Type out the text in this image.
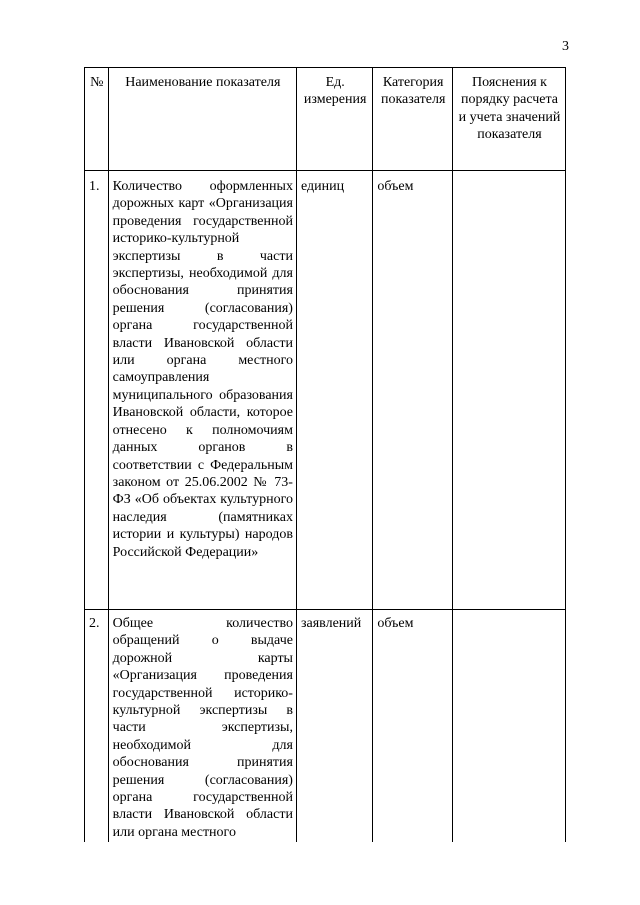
3
№	Наименование показателя	Ед. измерения	Категория показателя	Пояснения к порядку расчета и учета значений показателя
1.	Количество оформленных дорожных карт «Организация проведения государственной историко-культурной экспертизы в части экспертизы, необходимой для обоснования принятия решения (согласования) органа государственной власти Ивановской области или органа местного самоуправления муниципального образования Ивановской области, которое отнесено к полномочиям данных органов в соответствии с Федеральным законом от 25.06.2002 № 73-ФЗ «Об объектах культурного наследия (памятниках истории и культуры) народов Российской Федерации»	единиц	объем	
2.	Общее количество обращений о выдаче дорожной карты «Организация проведения государственной историко-культурной экспертизы в части экспертизы, необходимой для обоснования принятия решения (согласования) органа государственной власти Ивановской области или органа местного	заявлений	объем	
